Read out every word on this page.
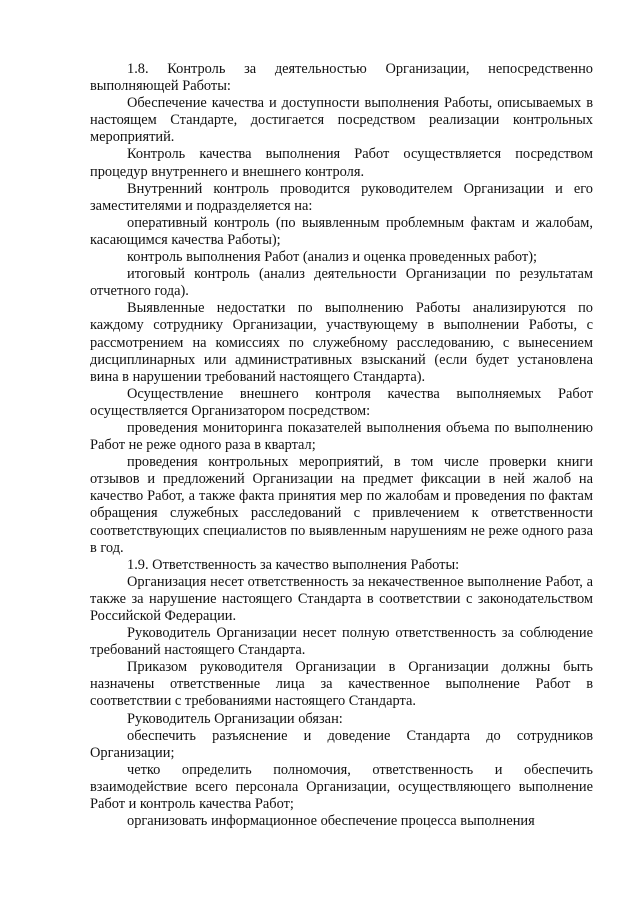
1.8. Контроль за деятельностью Организации, непосредственно выполняющей Работы:

Обеспечение качества и доступности выполнения Работы, описываемых в настоящем Стандарте, достигается посредством реализации контрольных мероприятий.

Контроль качества выполнения Работ осуществляется посредством процедур внутреннего и внешнего контроля.

Внутренний контроль проводится руководителем Организации и его заместителями и подразделяется на:

оперативный контроль (по выявленным проблемным фактам и жалобам, касающимся качества Работы);

контроль выполнения Работ (анализ и оценка проведенных работ);

итоговый контроль (анализ деятельности Организации по результатам отчетного года).

Выявленные недостатки по выполнению Работы анализируются по каждому сотруднику Организации, участвующему в выполнении Работы, с рассмотрением на комиссиях по служебному расследованию, с вынесением дисциплинарных или административных взысканий (если будет установлена вина в нарушении требований настоящего Стандарта).

Осуществление внешнего контроля качества выполняемых Работ осуществляется Организатором посредством:

проведения мониторинга показателей выполнения объема по выполнению Работ не реже одного раза в квартал;

проведения контрольных мероприятий, в том числе проверки книги отзывов и предложений Организации на предмет фиксации в ней жалоб на качество Работ, а также факта принятия мер по жалобам и проведения по фактам обращения служебных расследований с привлечением к ответственности соответствующих специалистов по выявленным нарушениям не реже одного раза в год.

1.9. Ответственность за качество выполнения Работы:

Организация несет ответственность за некачественное выполнение Работ, а также за нарушение настоящего Стандарта в соответствии с законодательством Российской Федерации.

Руководитель Организации несет полную ответственность за соблюдение требований настоящего Стандарта.

Приказом руководителя Организации в Организации должны быть назначены ответственные лица за качественное выполнение Работ в соответствии с требованиями настоящего Стандарта.

Руководитель Организации обязан:

обеспечить разъяснение и доведение Стандарта до сотрудников Организации;

четко определить полномочия, ответственность и обеспечить взаимодействие всего персонала Организации, осуществляющего выполнение Работ и контроль качества Работ;

организовать информационное обеспечение процесса выполнения
